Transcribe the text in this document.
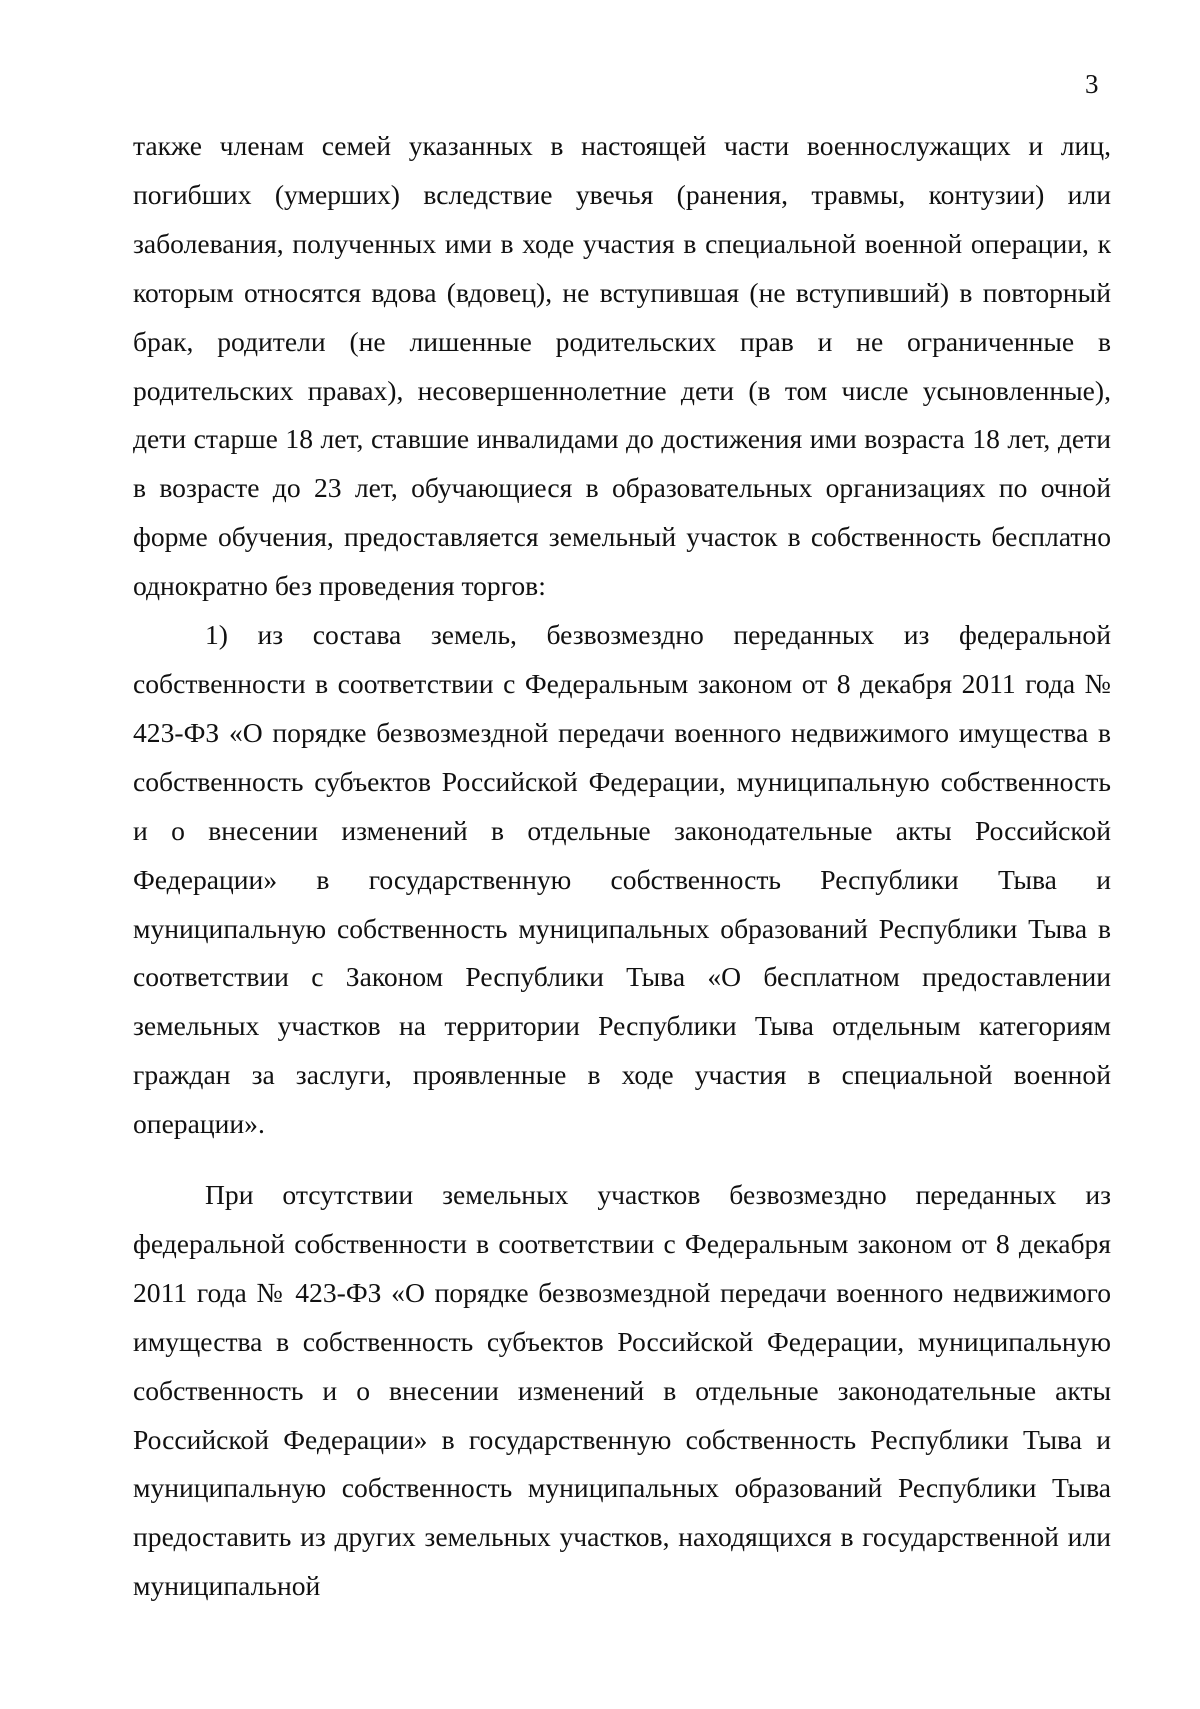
3

также членам семей указанных в настоящей части военнослужащих и лиц, погибших (умерших) вследствие увечья (ранения, травмы, контузии) или заболевания, полученных ими в ходе участия в специальной военной операции, к которым относятся вдова (вдовец), не вступившая (не вступивший) в повторный брак, родители (не лишенные родительских прав и не ограниченные в родительских правах), несовершеннолетние дети (в том числе усыновленные), дети старше 18 лет, ставшие инвалидами до достижения ими возраста 18 лет, дети в возрасте до 23 лет, обучающиеся в образовательных организациях по очной форме обучения, предоставляется земельный участок в собственность бесплатно однократно без проведения торгов:

1) из состава земель, безвозмездно переданных из федеральной собственности в соответствии с Федеральным законом от 8 декабря 2011 года № 423-ФЗ «О порядке безвозмездной передачи военного недвижимого имущества в собственность субъектов Российской Федерации, муниципальную собственность и о внесении изменений в отдельные законодательные акты Российской Федерации» в государственную собственность Республики Тыва и муниципальную собственность муниципальных образований Республики Тыва в соответствии с Законом Республики Тыва «О бесплатном предоставлении земельных участков на территории Республики Тыва отдельным категориям граждан за заслуги, проявленные в ходе участия в специальной военной операции».

При отсутствии земельных участков безвозмездно переданных из федеральной собственности в соответствии с Федеральным законом от 8 декабря 2011 года № 423-ФЗ «О порядке безвозмездной передачи военного недвижимого имущества в собственность субъектов Российской Федерации, муниципальную собственность и о внесении изменений в отдельные законодательные акты Российской Федерации» в государственную собственность Республики Тыва и муниципальную собственность муниципальных образований Республики Тыва предоставить из других земельных участков, находящихся в государственной или муниципальной
